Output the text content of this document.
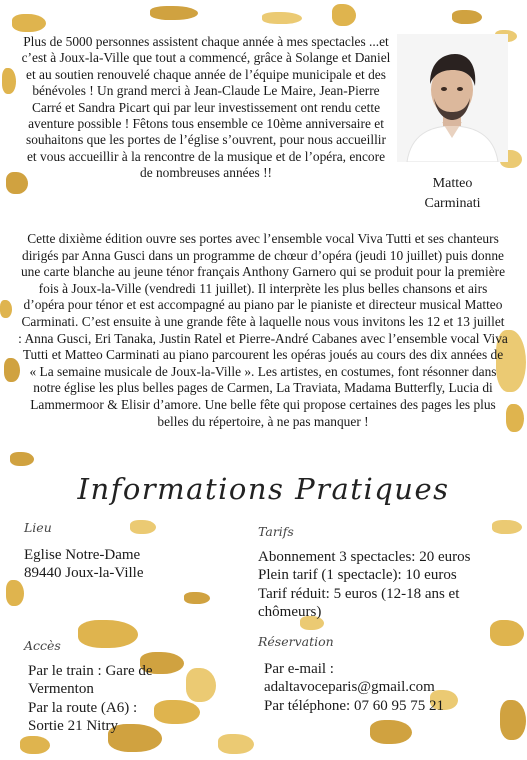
Plus de 5000 personnes assistent chaque année à mes spectacles ...et c’est à Joux-la-Ville que tout a commencé, grâce à Solange et Daniel et au soutien renouvelé chaque année de l’équipe municipale et des bénévoles ! Un grand merci à Jean-Claude Le Maire, Jean-Pierre Carré et Sandra Picart qui par leur investissement ont rendu cette aventure possible ! Fêtons tous ensemble ce 10ème anniversaire et souhaitons que les portes de l’église s’ouvrent, pour nous accueillir et vous accueillir à la rencontre de la musique et de l’opéra, encore de nombreuses années !!

Matteo
Carminati

Cette dixième édition ouvre ses portes avec l’ensemble vocal Viva Tutti et ses chanteurs dirigés par Anna Gusci dans un programme de chœur d’opéra (jeudi 10 juillet) puis donne une carte blanche au jeune ténor français Anthony Garnero qui se produit pour la première fois à Joux-la-Ville (vendredi 11 juillet). Il interprète les plus belles chansons et airs d’opéra pour ténor et est accompagné au piano par le pianiste et directeur musical Matteo Carminati. C’est ensuite à une grande fête à laquelle nous vous invitons les 12 et 13 juillet : Anna Gusci, Eri Tanaka, Justin Ratel et Pierre-André Cabanes avec l’ensemble vocal Viva Tutti et Matteo Carminati au piano parcourent les opéras joués au cours des dix années de « La semaine musicale de Joux-la-Ville ». Les artistes, en costumes, font résonner dans notre église les plus belles pages de Carmen, La Traviata, Madama Butterfly, Lucia di Lammermoor & Elisir d’amore. Une belle fête qui propose certaines des pages les plus belles du répertoire, à ne pas manquer !

Informations Pratiques
Lieu

Eglise Notre-Dame
89440 Joux-la-Ville

Tarifs

Abonnement 3 spectacles: 20 euros
Plein tarif (1 spectacle): 10 euros
Tarif réduit: 5 euros (12-18 ans et
chômeurs)

Accès

Par le train : Gare de
Vermenton
Par la route (A6) :
Sortie 21 Nitry

Réservation

Par e-mail :
adaltavoceparis@gmail.com
Par téléphone: 07 60 95 75 21
